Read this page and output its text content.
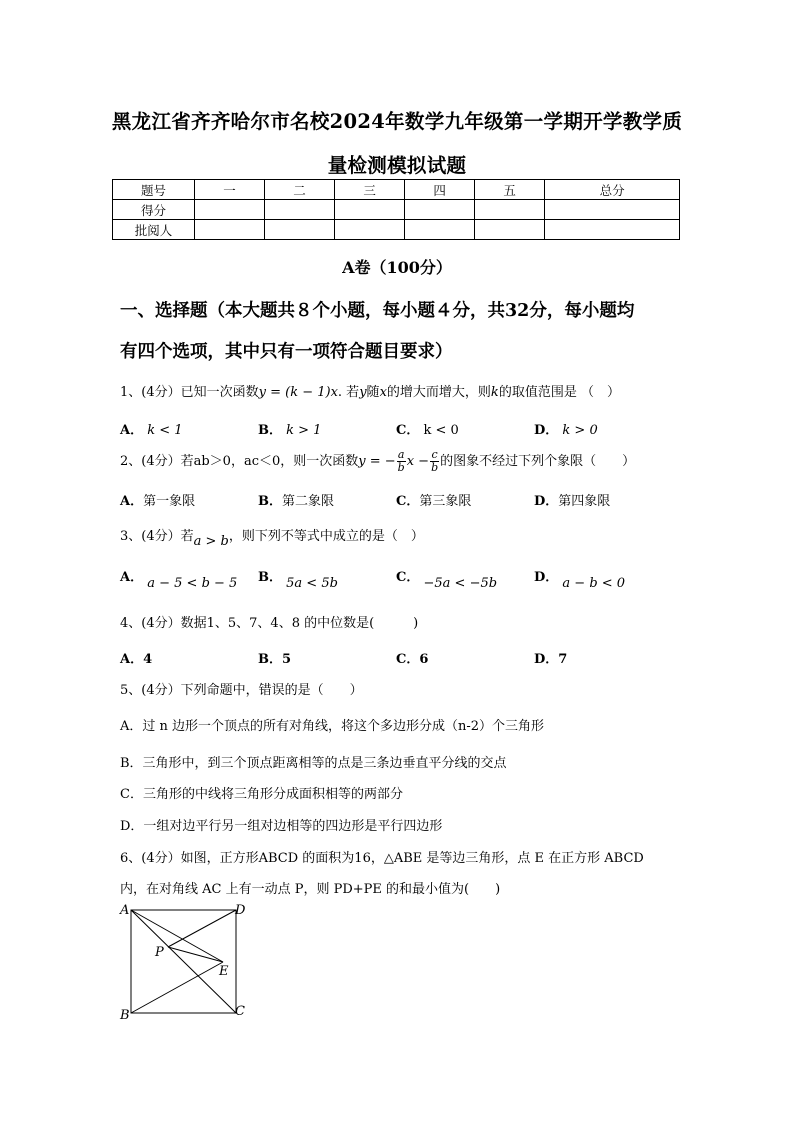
黑龙江省齐齐哈尔市名校2024年数学九年级第一学期开学教学质
量检测模拟试题
题号	一	二	三	四	五	总分
得分						
批阅人						
A卷（100分）
一、选择题（本大题共８个小题，每小题４分，共32分，每小题均
有四个选项，其中只有一项符合题目要求）
1、(4分）已知一次函数y = (k − 1)x. 若y随x的增大而增大，则k的取值范围是 （　）
A． k < 1	B． k > 1	C． k < 0	D． k > 0
2、(4分）若ab＞0，ac＜0，则一次函数y = − $\frac{a}{b}$ $x - \frac{c}{b}$ 的图象不经过下列个象限（　　）
A．第一象限	B．第二象限	C．第三象限	D．第四象限
3、(4分）若a > b，则下列不等式中成立的是（　）
A． a − 5 < b − 5 B． 5a < 5b	C． −5a < −5b	D． a − b < 0
4、(4分）数据1、5、7、4、8 的中位数是(　　　)
A．4	B．5	C．6	D．7
5、(4分）下列命题中，错误的是（　　）
A．过 n 边形一个顶点的所有对角线，将这个多边形分成（n-2）个三角形
B．三角形中，到三个顶点距离相等的点是三条边垂直平分线的交点
C．三角形的中线将三角形分成面积相等的两部分
D．一组对边平行另一组对边相等的四边形是平行四边形
6、(4分）如图，正方形ABCD 的面积为16，△ABE 是等边三角形，点 E 在正方形 ABCD
内，在对角线 AC 上有一动点 P，则 PD+PE 的和最小值为(　　)
A	D
B	C
P
E
